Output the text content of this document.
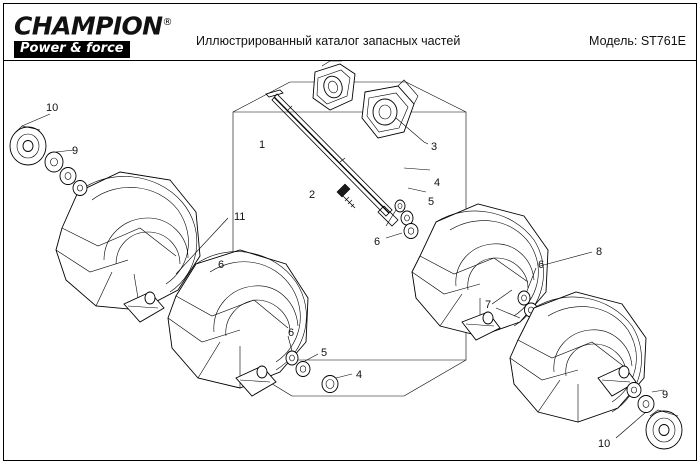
CHAMPION®
Power & force
Иллюстрированный каталог запасных частей	Модель: ST761E
10
9	1	3
2
4
5
6
11
6
8
6
7
6
5
4
9
10
